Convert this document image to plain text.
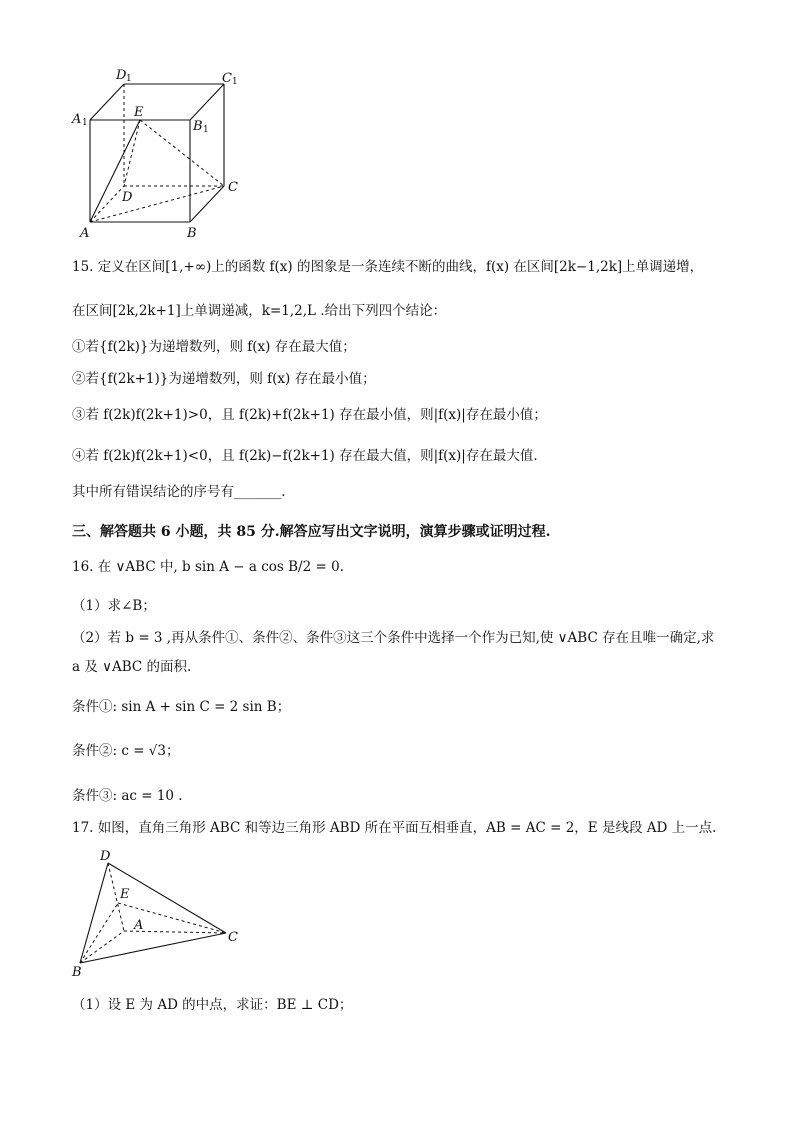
D 1	C 1
A 1	B 1
E
C
D
A	B
15. 定义在区间[1,+∞)上的函数 f(x) 的图象是一条连续不断的曲线，f(x) 在区间[2k−1,2k]上单调递增，
在区间[2k,2k+1]上单调递减，k=1,2,L .给出下列四个结论：
①若{f(2k)}为递增数列，则 f(x) 存在最大值；
②若{f(2k+1)}为递增数列，则 f(x) 存在最小值；
③若 f(2k)f(2k+1)>0，且 f(2k)+f(2k+1) 存在最小值，则|f(x)|存在最小值；
④若 f(2k)f(2k+1)<0，且 f(2k)−f(2k+1) 存在最大值，则|f(x)|存在最大值.
其中所有错误结论的序号有_______.
三、解答题共 6 小题，共 85 分.解答应写出文字说明，演算步骤或证明过程.
16. 在 ∨ABC 中, b sin A − a cos B/2 = 0.
（1）求∠B；
（2）若 b = 3 ,再从条件①、条件②、条件③这三个条件中选择一个作为已知,使 ∨ABC 存在且唯一确定,求
a 及 ∨ABC 的面积.
条件①: sin A + sin C = 2 sin B；
条件②: c = √3；
条件③: ac = 10 .
17. 如图，直角三角形 ABC 和等边三角形 ABD 所在平面互相垂直，AB = AC = 2，E 是线段 AD 上一点.
D
E
A
C
B
（1）设 E 为 AD 的中点，求证：BE ⊥ CD；
